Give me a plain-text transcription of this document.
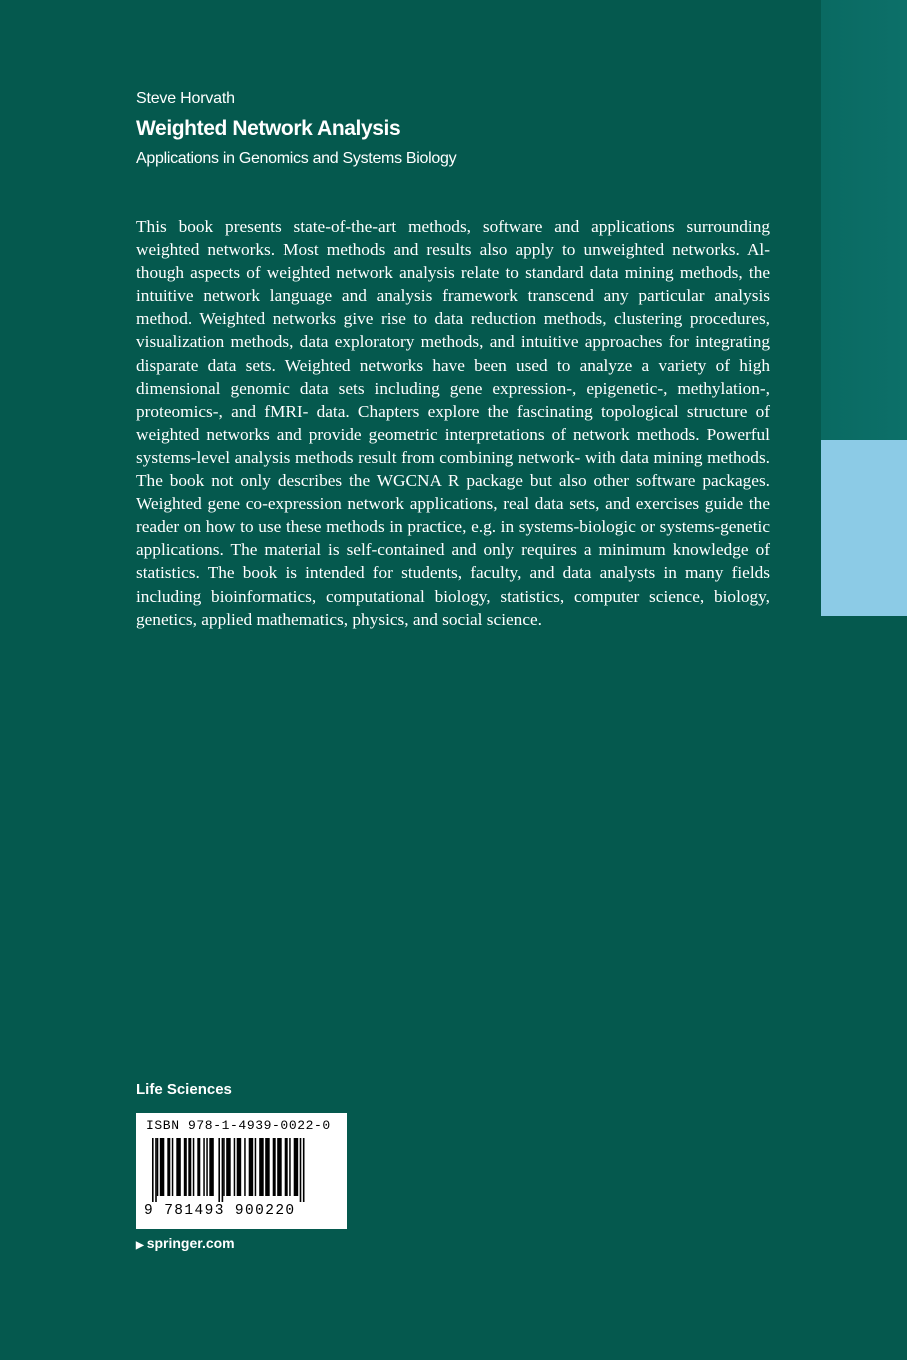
Steve Horvath
Weighted Network Analysis
Applications in Genomics and Systems Biology

This book presents state-of-the-art methods, software and applications surrounding weighted networks. Most methods and results also apply to unweighted networks. Although aspects of weighted network analysis relate to standard data mining methods, the intuitive network language and analysis framework transcend any particular analysis method. Weighted networks give rise to data reduction methods, clustering procedures, visualization methods, data exploratory methods, and intuitive approaches for integrating disparate data sets. Weighted networks have been used to analyze a variety of high dimensional genomic data sets including gene expression-, epigenetic-, methylation-, proteomics-, and fMRI- data. Chapters explore the fascinating topological structure of weighted networks and provide geometric interpretations of network methods. Powerful systems-level analysis methods result from combining network- with data mining methods. The book not only describes the WGCNA R package but also other software packages. Weighted gene co-expression network applications, real data sets, and exercises guide the reader on how to use these methods in practice, e.g. in systems-biologic or systems-genetic applications. The material is self-contained and only requires a minimum knowledge of statistics. The book is intended for students, faculty, and data analysts in many fields including bioinformatics, computational biology, statistics, computer science, biology, genetics, applied mathematics, physics, and social science.

Life Sciences
ISBN 978-1-4939-0022-0
9 781493 900220
▶ springer.com
